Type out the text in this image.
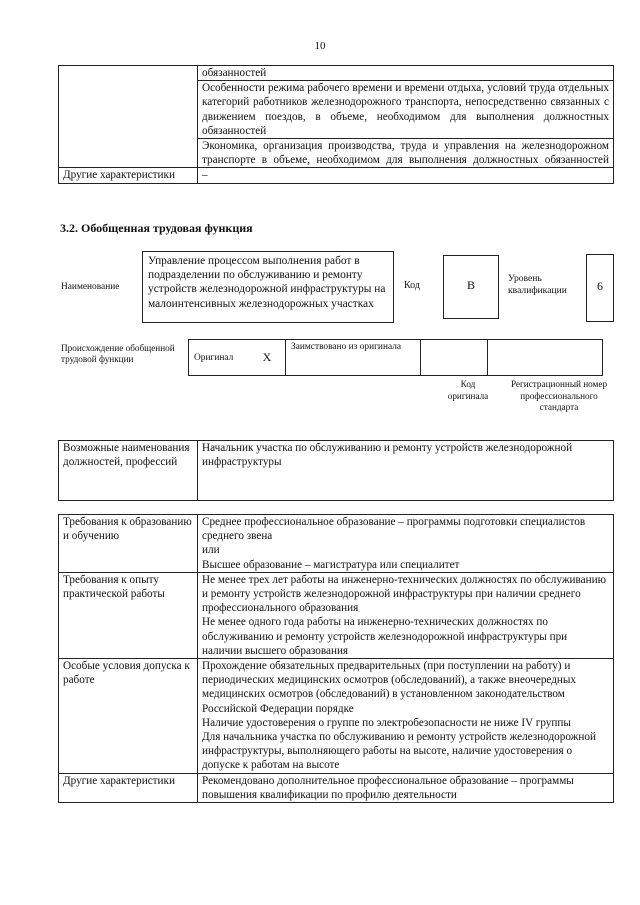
10
	обязанностей
	Особенности режима рабочего времени и времени отдыха, условий труда отдельных категорий работников железнодорожного транспорта, непосредственно связанных с движением поездов, в объеме, необходимом для выполнения должностных обязанностей
	Экономика, организация производства, труда и управления на железнодорожном транспорте в объеме, необходимом для выполнения должностных обязанностей
Другие характеристики	–
3.2. Обобщенная трудовая функция
Наименование
Управление процессом выполнения работ в подразделении по обслуживанию и ремонту устройств железнодорожной инфраструктуры на малоинтенсивных железнодорожных участках
Код	B	Уровень квалификации	6
Происхождение обобщенной трудовой функции	Оригинал	X	Заимствовано из оригинала		
Код оригинала
Регистрационный номер профессионального стандарта
Возможные наименования должностей, профессий	Начальник участка по обслуживанию и ремонту устройств железнодорожной инфраструктуры
Требования к образованию и обучению	Среднее профессиональное образование – программы подготовки специалистов среднего звена
или
Высшее образование – магистратура или специалитет

Требования к опыту практической работы	Не менее трех лет работы на инженерно-технических должностях по обслуживанию и ремонту устройств железнодорожной инфраструктуры при наличии среднего профессионального образования
Не менее одного года работы на инженерно-технических должностях по обслуживанию и ремонту устройств железнодорожной инфраструктуры при наличии высшего образования

Особые условия допуска к работе	Прохождение обязательных предварительных (при поступлении на работу) и периодических медицинских осмотров (обследований), а также внеочередных медицинских осмотров (обследований) в установленном законодательством Российской Федерации порядке
Наличие удостоверения о группе по электробезопасности не ниже IV группы
Для начальника участка по обслуживанию и ремонту устройств железнодорожной инфраструктуры, выполняющего работы на высоте, наличие удостоверения о допуске к работам на высоте

Другие характеристики	Рекомендовано дополнительное профессиональное образование – программы повышения квалификации по профилю деятельности
